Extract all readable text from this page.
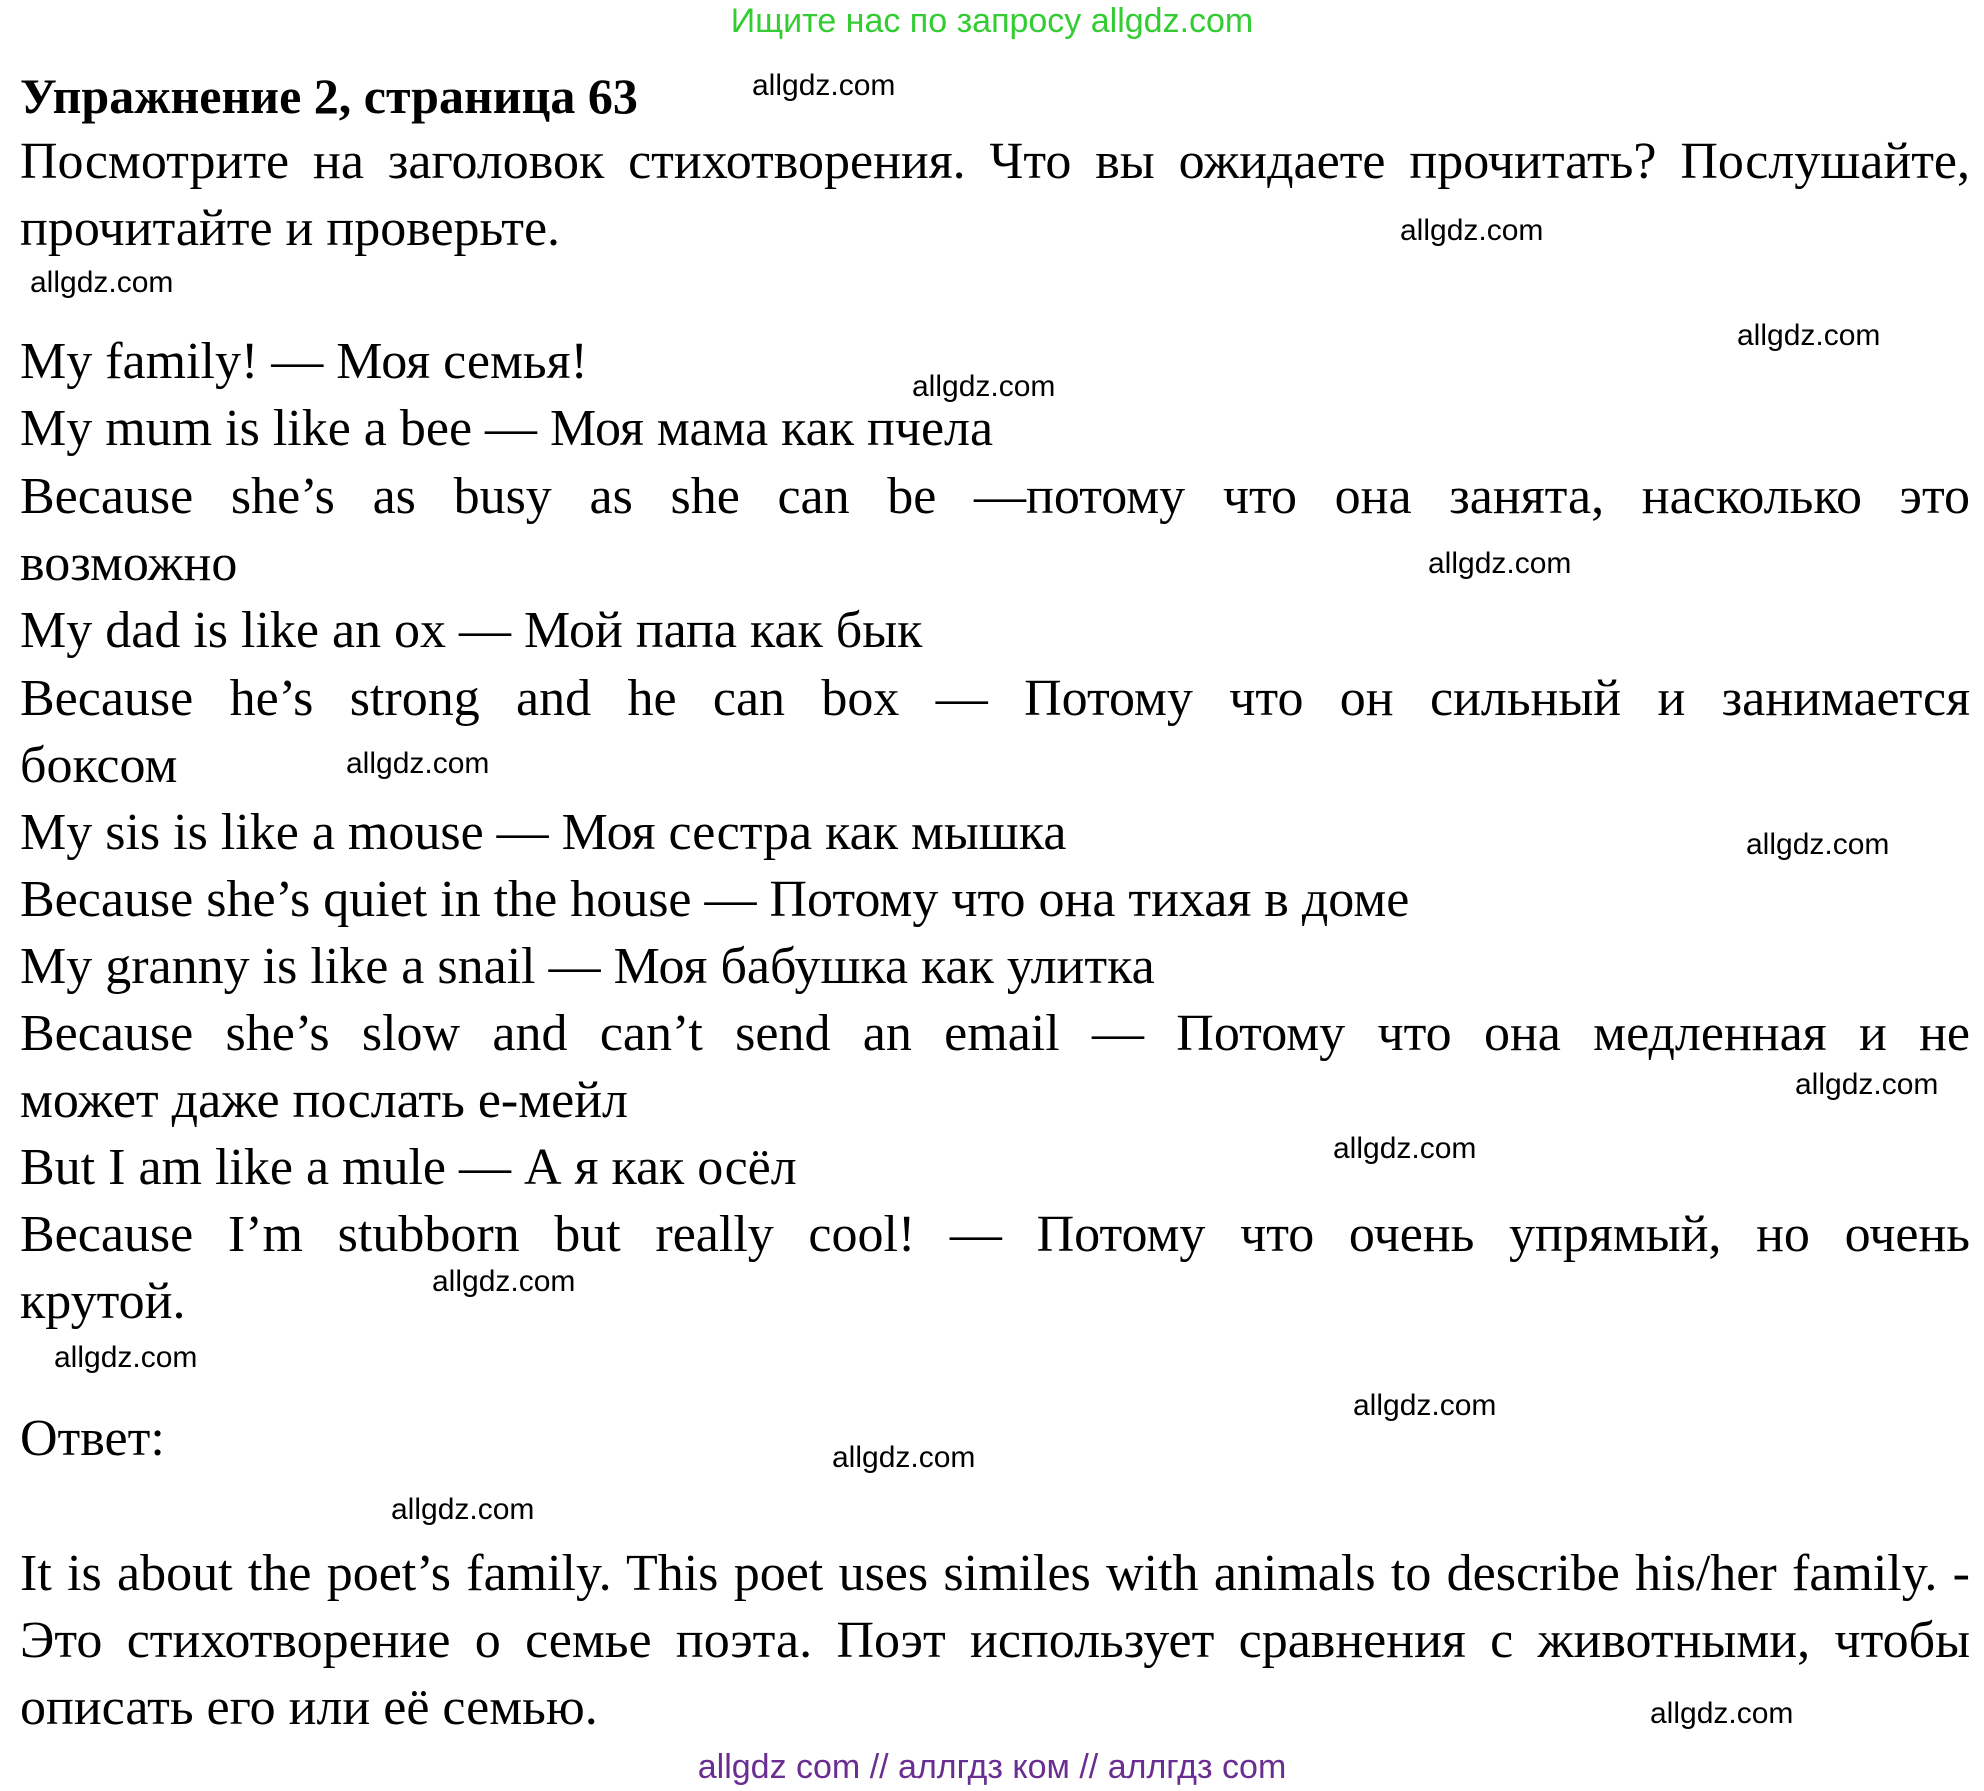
Ищите нас по запросу allgdz.com
Упражнение 2, страница 63
Посмотрите на заголовок стихотворения. Что вы ожидаете прочитать? Послушайте, прочитайте и проверьте.
My family! — Моя семья!
My mum is like a bee — Моя мама как пчела
Because she’s as busy as she can be —потому что она занята, насколько это
возможно
My dad is like an ox — Мой папа как бык
Because he’s strong and he can box — Потому что он сильный и занимается
боксом
My sis is like a mouse — Моя сестра как мышка
Because she’s quiet in the house — Потому что она тихая в доме
My granny is like a snail — Моя бабушка как улитка
Because she’s slow and can’t send an email — Потому что она медленная и не
может даже послать е-мейл
But I am like a mule — А я как осёл
Because I’m stubborn but really cool! — Потому что очень упрямый, но очень
крутой.
Ответ:
It is about the poet’s family. This poet uses similes with animals to describe his/her family. - Это стихотворение о семье поэта. Поэт использует сравнения с животными, чтобы описать его или её семью.
allgdz.com
allgdz.com
allgdz.com
allgdz.com
allgdz.com
allgdz.com
allgdz.com
allgdz.com
allgdz.com
allgdz.com
allgdz.com
allgdz.com
allgdz.com
allgdz.com
allgdz.com
allgdz.com
allgdz com // аллгдз ком // аллгдз com
